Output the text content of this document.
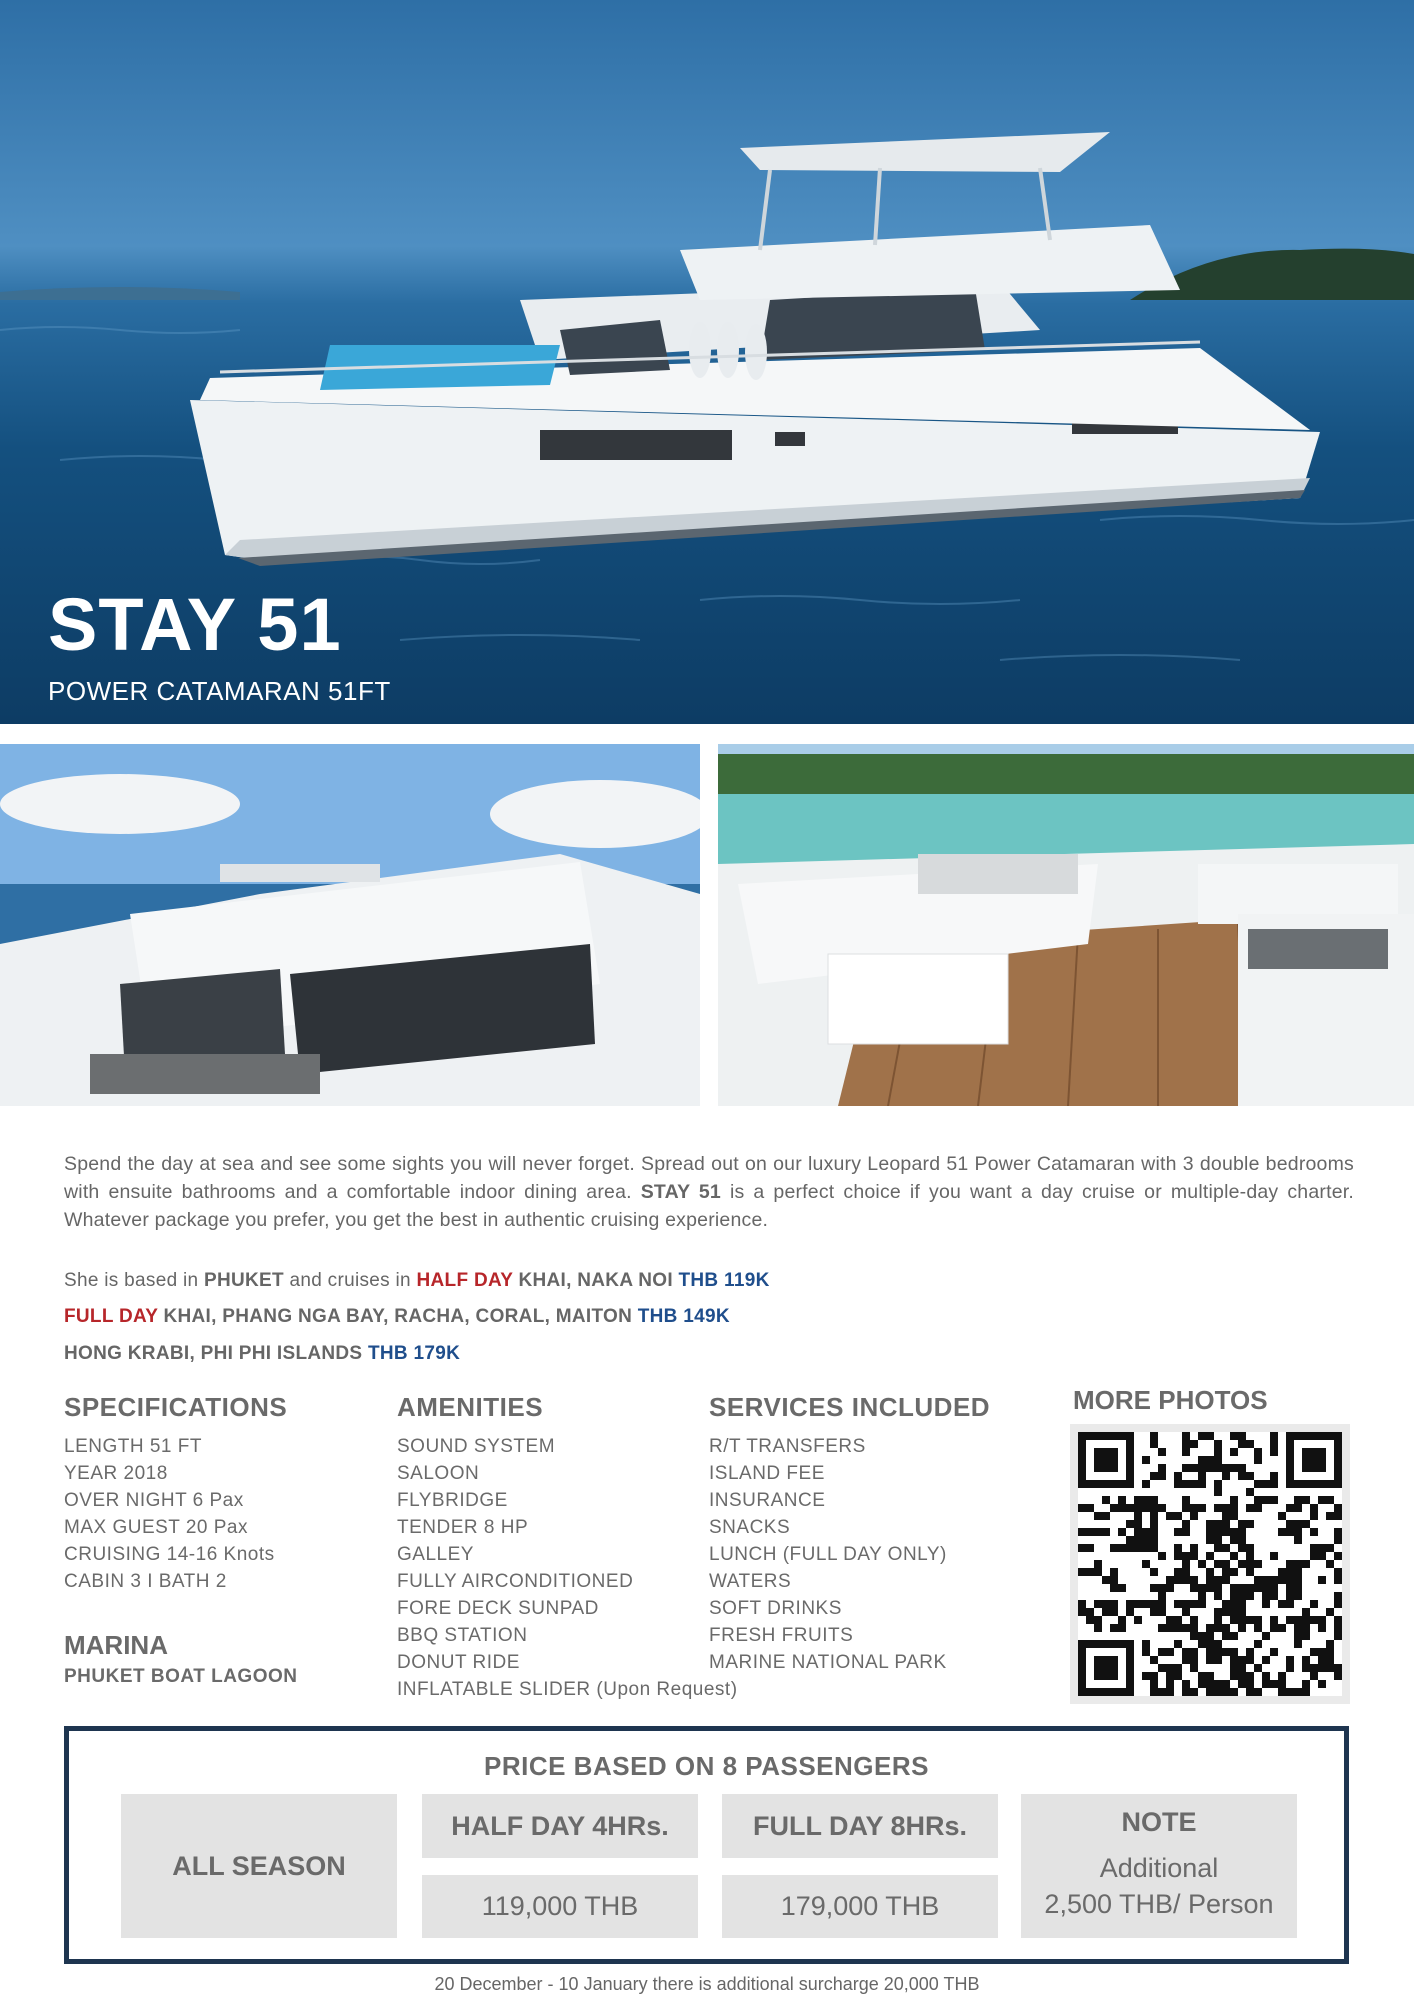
STAY 51
POWER CATAMARAN 51FT

Spend the day at sea and see some sights you will never forget. Spread out on our luxury Leopard 51 Power Catamaran with 3 double bedrooms with ensuite bathrooms and a comfortable indoor dining area. STAY 51 is a perfect choice if you want a day cruise or multiple-day charter. Whatever package you prefer, you get the best in authentic cruising experience.

She is based in PHUKET and cruises in HALF DAY KHAI, NAKA NOI THB 119K
FULL DAY KHAI, PHANG NGA BAY, RACHA, CORAL, MAITON THB 149K
HONG KRABI, PHI PHI ISLANDS THB 179K
SPECIFICATIONS
LENGTH 51 FT
YEAR 2018
OVER NIGHT 6 Pax
MAX GUEST 20 Pax
CRUISING 14-16 Knots
CABIN 3 I BATH 2
AMENITIES
SOUND SYSTEM
SALOON
FLYBRIDGE
TENDER 8 HP
GALLEY
FULLY AIRCONDITIONED
FORE DECK SUNPAD
BBQ STATION
DONUT RIDE
INFLATABLE SLIDER (Upon Request)
SERVICES INCLUDED
R/T TRANSFERS
ISLAND FEE
INSURANCE
SNACKS
LUNCH (FULL DAY ONLY)
WATERS
SOFT DRINKS
FRESH FRUITS
MARINE NATIONAL PARK
MARINA
PHUKET BOAT LAGOON
MORE PHOTOS
PRICE BASED ON 8 PASSENGERS
ALL SEASON
HALF DAY 4HRs.
119,000 THB
FULL DAY 8HRs.
179,000 THB
NOTE
Additional
2,500 THB/ Person
20 December - 10 January there is additional surcharge 20,000 THB
